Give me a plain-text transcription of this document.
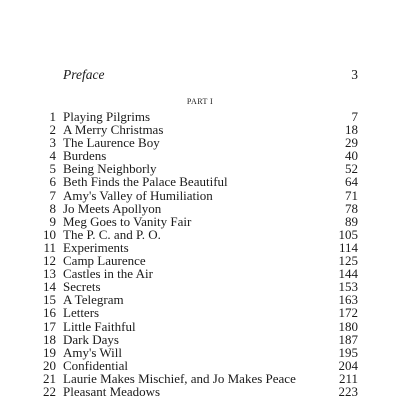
Preface	3
PART I
1 Playing Pilgrims	7
2 A Merry Christmas	18
3 The Laurence Boy	29
4 Burdens	40
5 Being Neighborly	52
6 Beth Finds the Palace Beautiful	64
7 Amy's Valley of Humiliation	71
8 Jo Meets Apollyon	78
9 Meg Goes to Vanity Fair	89
10 The P. C. and P. O.	105
11 Experiments	114
12 Camp Laurence	125
13 Castles in the Air	144
14 Secrets	153
15 A Telegram	163
16 Letters	172
17 Little Faithful	180
18 Dark Days	187
19 Amy's Will	195
20 Confidential	204
21 Laurie Makes Mischief, and Jo Makes Peace	211
22 Pleasant Meadows	223
